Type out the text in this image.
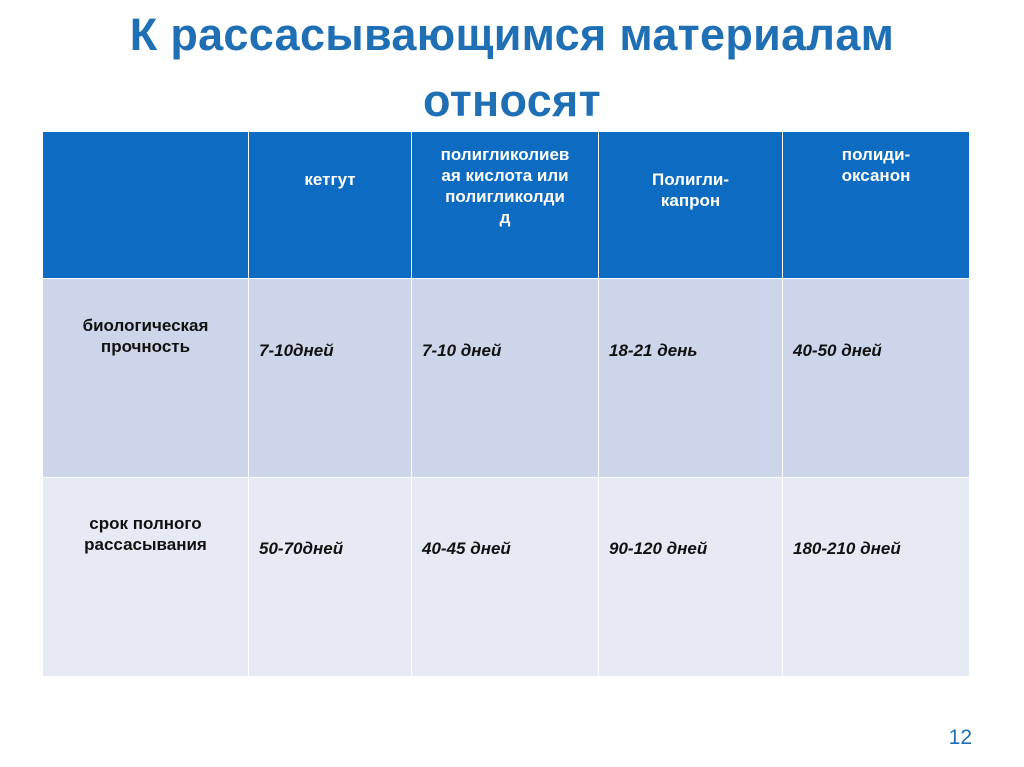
К рассасывающимся материалам
относят

	кетгут	полигликолиев
ая кислота или
полигликолди
д	Полигли-
капрон	полиди-
оксанон

биологическая
прочность	7-10дней	7-10 дней	18-21 день	40-50 дней

срок полного
рассасывания	50-70дней	40-45 дней	90-120 дней	180-210 дней
12
